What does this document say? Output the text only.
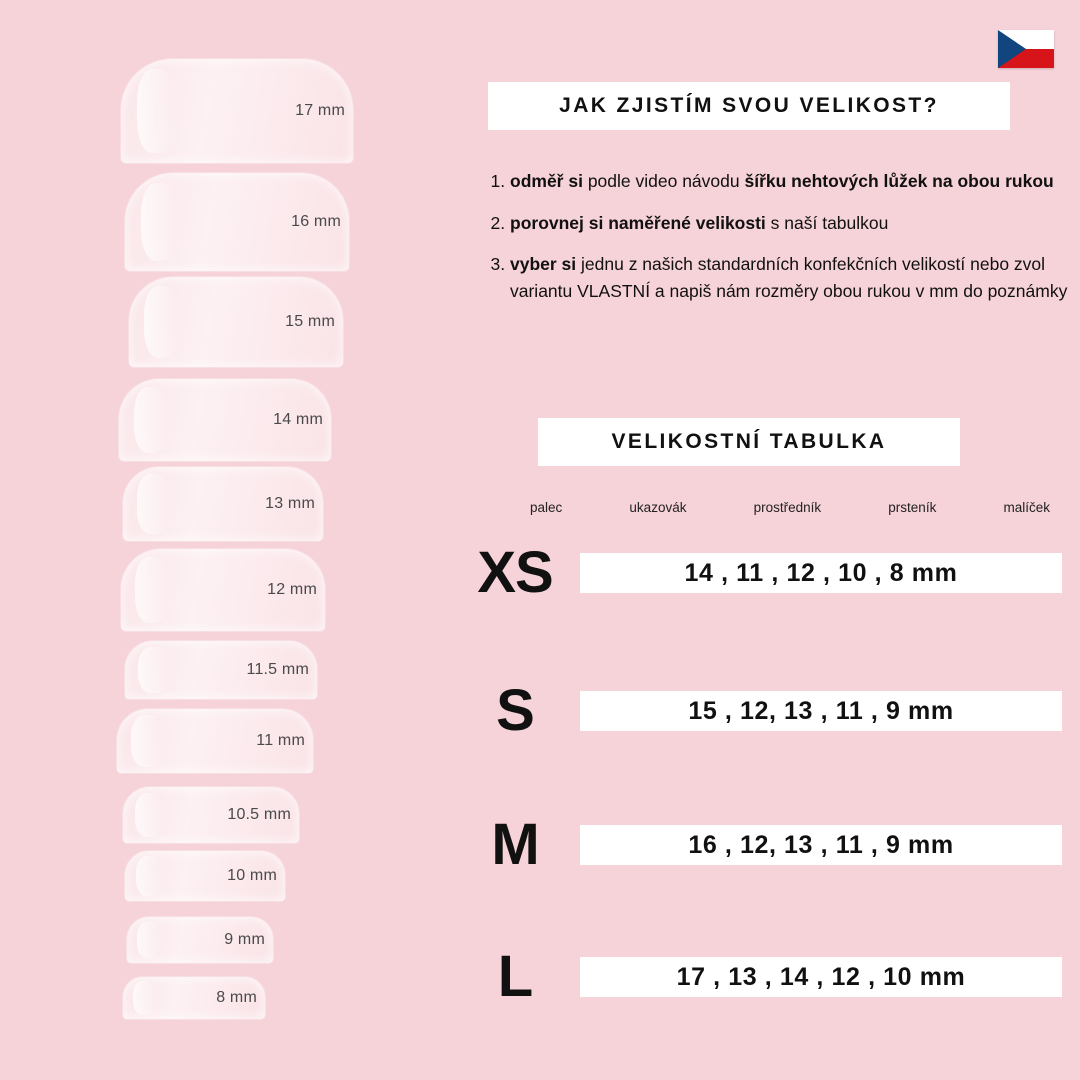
17 mm
16 mm
15 mm
14 mm
13 mm
12 mm
11.5 mm
11 mm
10.5 mm
10 mm
9 mm
8 mm
JAK ZJISTÍM SVOU VELIKOST?
1. odměř si podle video návodu šířku nehtových lůžek na obou rukou
2. porovnej si naměřené velikosti s naší tabulkou
3. vyber si jednu z našich standardních konfekčních velikostí nebo zvol variantu VLASTNÍ a napiš nám rozměry obou rukou v mm do poznámky
VELIKOSTNÍ TABULKA
palec	ukazovák	prostředník	prsteník	malíček
XS	14 , 11 , 12 , 10 , 8 mm
S	15 , 12, 13 , 11 , 9 mm
M	16 , 12, 13 , 11 , 9 mm
L	17 , 13 , 14 , 12 , 10 mm
